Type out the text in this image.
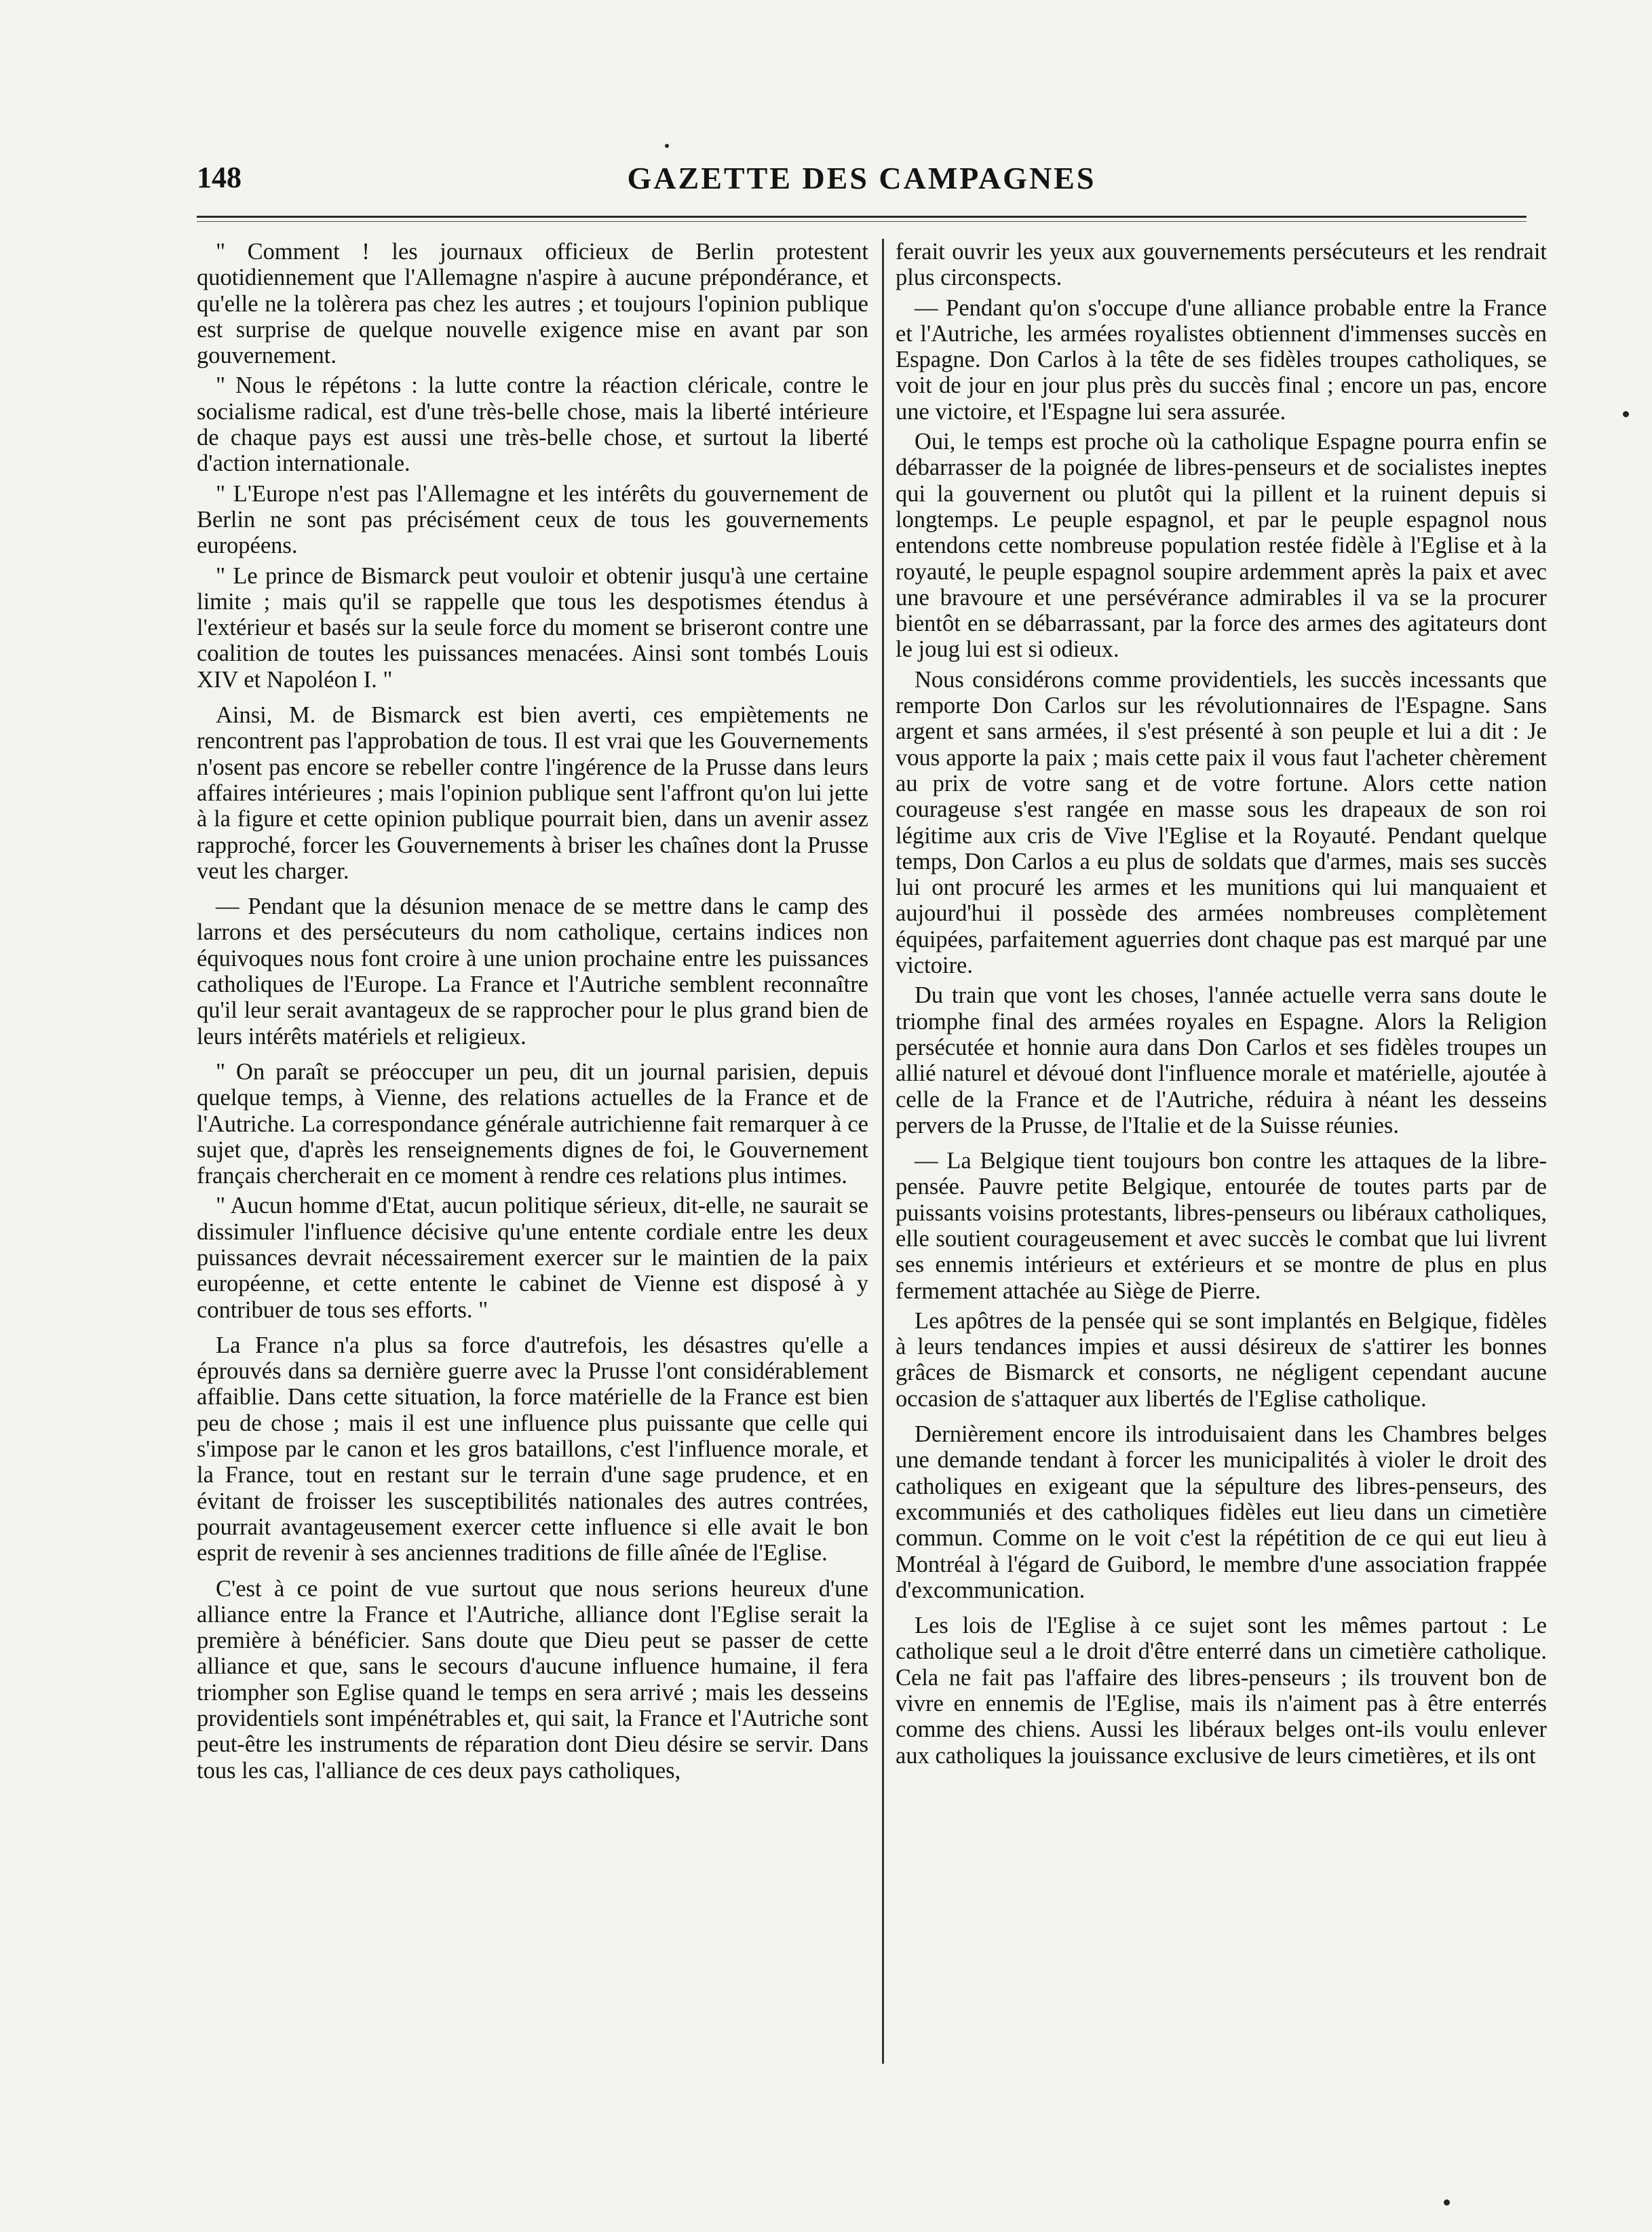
148	GAZETTE DES CAMPAGNES

" Comment ! les journaux officieux de Berlin protestent quotidiennement que l'Allemagne n'aspire à aucune prépondérance, et qu'elle ne la tolèrera pas chez les autres ; et toujours l'opinion publique est surprise de quelque nouvelle exigence mise en avant par son gouvernement.

" Nous le répétons : la lutte contre la réaction cléricale, contre le socialisme radical, est d'une très-belle chose, mais la liberté intérieure de chaque pays est aussi une très-belle chose, et surtout la liberté d'action internationale.

" L'Europe n'est pas l'Allemagne et les intérêts du gouvernement de Berlin ne sont pas précisément ceux de tous les gouvernements européens.

" Le prince de Bismarck peut vouloir et obtenir jusqu'à une certaine limite ; mais qu'il se rappelle que tous les despotismes étendus à l'extérieur et basés sur la seule force du moment se briseront contre une coalition de toutes les puissances menacées. Ainsi sont tombés Louis XIV et Napoléon I. "

Ainsi, M. de Bismarck est bien averti, ces empiètements ne rencontrent pas l'approbation de tous. Il est vrai que les Gouvernements n'osent pas encore se rebeller contre l'ingérence de la Prusse dans leurs affaires intérieures ; mais l'opinion publique sent l'affront qu'on lui jette à la figure et cette opinion publique pourrait bien, dans un avenir assez rapproché, forcer les Gouvernements à briser les chaînes dont la Prusse veut les charger.

— Pendant que la désunion menace de se mettre dans le camp des larrons et des persécuteurs du nom catholique, certains indices non équivoques nous font croire à une union prochaine entre les puissances catholiques de l'Europe. La France et l'Autriche semblent reconnaître qu'il leur serait avantageux de se rapprocher pour le plus grand bien de leurs intérêts matériels et religieux.

" On paraît se préoccuper un peu, dit un journal parisien, depuis quelque temps, à Vienne, des relations actuelles de la France et de l'Autriche. La correspondance générale autrichienne fait remarquer à ce sujet que, d'après les renseignements dignes de foi, le Gouvernement français chercherait en ce moment à rendre ces relations plus intimes.

" Aucun homme d'Etat, aucun politique sérieux, dit-elle, ne saurait se dissimuler l'influence décisive qu'une entente cordiale entre les deux puissances devrait nécessairement exercer sur le maintien de la paix européenne, et cette entente le cabinet de Vienne est disposé à y contribuer de tous ses efforts. "

La France n'a plus sa force d'autrefois, les désastres qu'elle a éprouvés dans sa dernière guerre avec la Prusse l'ont considérablement affaiblie. Dans cette situation, la force matérielle de la France est bien peu de chose ; mais il est une influence plus puissante que celle qui s'impose par le canon et les gros bataillons, c'est l'influence morale, et la France, tout en restant sur le terrain d'une sage prudence, et en évitant de froisser les susceptibilités nationales des autres contrées, pourrait avantageusement exercer cette influence si elle avait le bon esprit de revenir à ses anciennes traditions de fille aînée de l'Eglise.

C'est à ce point de vue surtout que nous serions heureux d'une alliance entre la France et l'Autriche, alliance dont l'Eglise serait la première à bénéficier. Sans doute que Dieu peut se passer de cette alliance et que, sans le secours d'aucune influence humaine, il fera triompher son Eglise quand le temps en sera arrivé ; mais les desseins providentiels sont impénétrables et, qui sait, la France et l'Autriche sont peut-être les instruments de réparation dont Dieu désire se servir. Dans tous les cas, l'alliance de ces deux pays catholiques,

ferait ouvrir les yeux aux gouvernements persécuteurs et les rendrait plus circonspects.

— Pendant qu'on s'occupe d'une alliance probable entre la France et l'Autriche, les armées royalistes obtiennent d'immenses succès en Espagne. Don Carlos à la tête de ses fidèles troupes catholiques, se voit de jour en jour plus près du succès final ; encore un pas, encore une victoire, et l'Espagne lui sera assurée.

Oui, le temps est proche où la catholique Espagne pourra enfin se débarrasser de la poignée de libres-penseurs et de socialistes ineptes qui la gouvernent ou plutôt qui la pillent et la ruinent depuis si longtemps. Le peuple espagnol, et par le peuple espagnol nous entendons cette nombreuse population restée fidèle à l'Eglise et à la royauté, le peuple espagnol soupire ardemment après la paix et avec une bravoure et une persévérance admirables il va se la procurer bientôt en se débarrassant, par la force des armes des agitateurs dont le joug lui est si odieux.

Nous considérons comme providentiels, les succès incessants que remporte Don Carlos sur les révolutionnaires de l'Espagne. Sans argent et sans armées, il s'est présenté à son peuple et lui a dit : Je vous apporte la paix ; mais cette paix il vous faut l'acheter chèrement au prix de votre sang et de votre fortune. Alors cette nation courageuse s'est rangée en masse sous les drapeaux de son roi légitime aux cris de Vive l'Eglise et la Royauté. Pendant quelque temps, Don Carlos a eu plus de soldats que d'armes, mais ses succès lui ont procuré les armes et les munitions qui lui manquaient et aujourd'hui il possède des armées nombreuses complètement équipées, parfaitement aguerries dont chaque pas est marqué par une victoire.

Du train que vont les choses, l'année actuelle verra sans doute le triomphe final des armées royales en Espagne. Alors la Religion persécutée et honnie aura dans Don Carlos et ses fidèles troupes un allié naturel et dévoué dont l'influence morale et matérielle, ajoutée à celle de la France et de l'Autriche, réduira à néant les desseins pervers de la Prusse, de l'Italie et de la Suisse réunies.

— La Belgique tient toujours bon contre les attaques de la libre-pensée. Pauvre petite Belgique, entourée de toutes parts par de puissants voisins protestants, libres-penseurs ou libéraux catholiques, elle soutient courageusement et avec succès le combat que lui livrent ses ennemis intérieurs et extérieurs et se montre de plus en plus fermement attachée au Siège de Pierre.

Les apôtres de la pensée qui se sont implantés en Belgique, fidèles à leurs tendances impies et aussi désireux de s'attirer les bonnes grâces de Bismarck et consorts, ne négligent cependant aucune occasion de s'attaquer aux libertés de l'Eglise catholique.

Dernièrement encore ils introduisaient dans les Chambres belges une demande tendant à forcer les municipalités à violer le droit des catholiques en exigeant que la sépulture des libres-penseurs, des excommuniés et des catholiques fidèles eut lieu dans un cimetière commun. Comme on le voit c'est la répétition de ce qui eut lieu à Montréal à l'égard de Guibord, le membre d'une association frappée d'excommunication.

Les lois de l'Eglise à ce sujet sont les mêmes partout : Le catholique seul a le droit d'être enterré dans un cimetière catholique. Cela ne fait pas l'affaire des libres-penseurs ; ils trouvent bon de vivre en ennemis de l'Eglise, mais ils n'aiment pas à être enterrés comme des chiens. Aussi les libéraux belges ont-ils voulu enlever aux catholiques la jouissance exclusive de leurs cimetières, et ils ont
